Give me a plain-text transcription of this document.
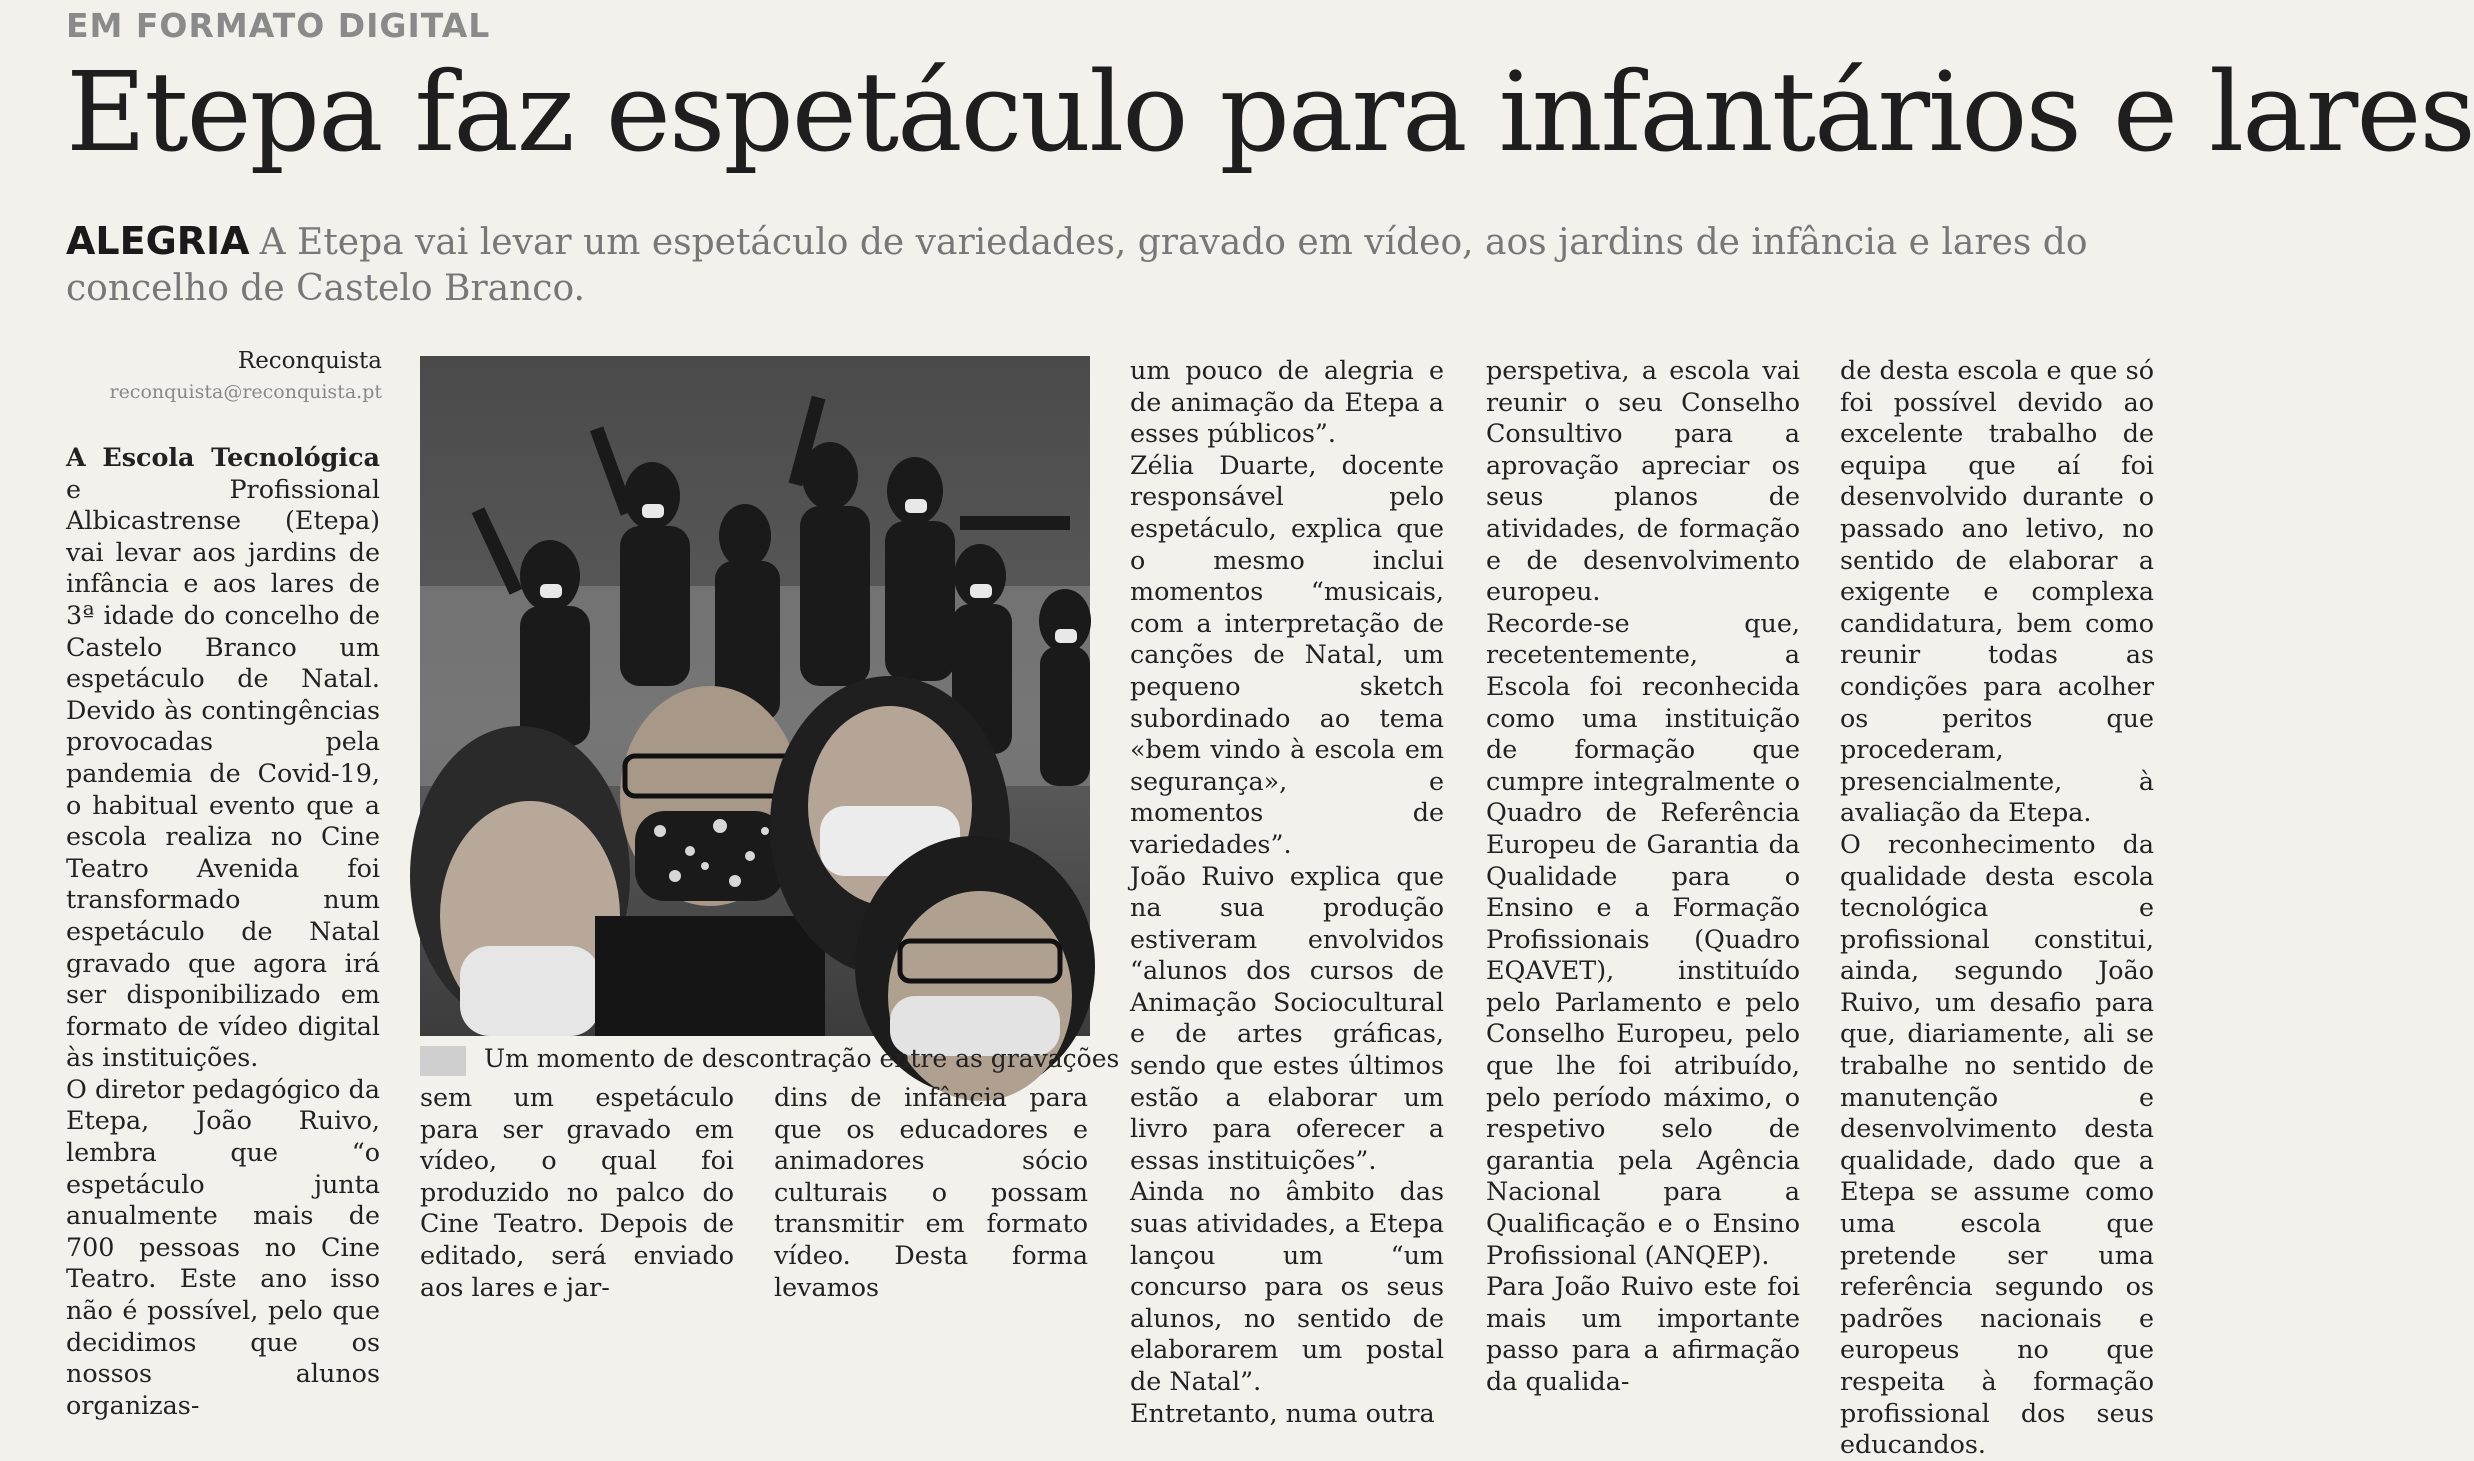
EM FORMATO DIGITAL
Etepa faz espetáculo para infantários e lares
ALEGRIA A Etepa vai levar um espetáculo de variedades, gravado em vídeo, aos jardins de infância e lares do concelho de Castelo Branco.
Reconquista
reconquista@reconquista.pt

A Escola Tecnológica e Profissional Albicastrense (Etepa) vai levar aos jardins de infância e aos lares de 3ª idade do concelho de Castelo Branco um espetáculo de Natal. Devido às contingências provocadas pela pandemia de Covid-19, o habitual evento que a escola realiza no Cine Teatro Avenida foi transformado num espetáculo de Natal gravado que agora irá ser disponibilizado em formato de vídeo digital às instituições.

O diretor pedagógico da Etepa, João Ruivo, lembra que “o espetáculo junta anualmente mais de 700 pessoas no Cine Teatro. Este ano isso não é possível, pelo que decidimos que os nossos alunos organizas-

Um momento de descontração entre as gravações

sem um espetáculo para ser gravado em vídeo, o qual foi produzido no palco do Cine Teatro. Depois de editado, será enviado aos lares e jar-

dins de infância para que os educadores e animadores sócio culturais o possam transmitir em formato vídeo. Desta forma levamos

um pouco de alegria e de animação da Etepa a esses públicos”.

Zélia Duarte, docente responsável pelo espetáculo, explica que o mesmo inclui momentos “musicais, com a interpretação de canções de Natal, um pequeno sketch subordinado ao tema «bem vindo à escola em segurança», e momentos de variedades”.

João Ruivo explica que na sua produção estiveram envolvidos “alunos dos cursos de Animação Sociocultural e de artes gráficas, sendo que estes últimos estão a elaborar um livro para oferecer a essas instituições”.

Ainda no âmbito das suas atividades, a Etepa lançou um “um concurso para os seus alunos, no sentido de elaborarem um postal de Natal”.

Entretanto, numa outra

perspetiva, a escola vai reunir o seu Conselho Consultivo para a aprovação apreciar os seus planos de atividades, de formação e de desenvolvimento europeu.

Recorde-se que, recetentemente, a Escola foi reconhecida como uma instituição de formação que cumpre integralmente o Quadro de Referência Europeu de Garantia da Qualidade para o Ensino e a Formação Profissionais (Quadro EQAVET), instituído pelo Parlamento e pelo Conselho Europeu, pelo que lhe foi atribuído, pelo período máximo, o respetivo selo de garantia pela Agência Nacional para a Qualificação e o Ensino Profissional (ANQEP).

Para João Ruivo este foi mais um importante passo para a afirmação da qualida-

de desta escola e que só foi possível devido ao excelente trabalho de equipa que aí foi desenvolvido durante o passado ano letivo, no sentido de elaborar a exigente e complexa candidatura, bem como reunir todas as condições para acolher os peritos que procederam, presencialmente, à avaliação da Etepa.

O reconhecimento da qualidade desta escola tecnológica e profissional constitui, ainda, segundo João Ruivo, um desafio para que, diariamente, ali se trabalhe no sentido de manutenção e desenvolvimento desta qualidade, dado que a Etepa se assume como uma escola que pretende ser uma referência segundo os padrões nacionais e europeus no que respeita à formação profissional dos seus educandos.
